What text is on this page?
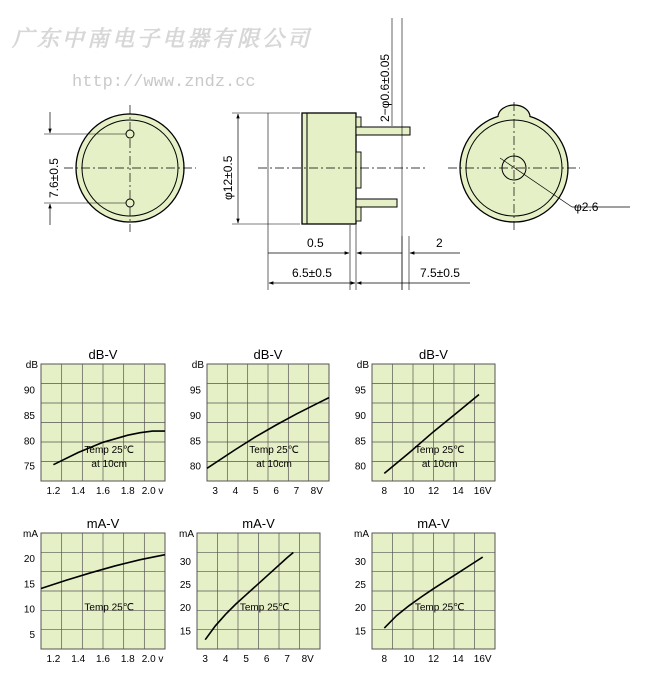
广东中南电子电器有限公司
http://www.zndz.cc
7.6±0.5	φ12±0.5
2−φ0.6±0.05
0.5	2
6.5±0.5	7.5±0.5
φ2.6
dB-V
dB
75
80
85
90
1.2 1.4 1.6 1.8 2.0 v
Temp 25℃
at 10cm
dB-V
dB
80
85
90
95
3 4 5 6 7 8V
Temp 25℃
at 10cm
dB-V
dB
80
85
90
95
8 10 12 14 16V
Temp 25℃
at 10cm
mA-V
mA
5
10
15
20
1.2 1.4 1.6 1.8 2.0 v
Temp 25℃
mA-V
mA
15
20
25
30
3 4 5 6 7 8V
Temp 25℃
mA-V
mA
15
20
25
30
8 10 12 14 16V
Temp 25℃
